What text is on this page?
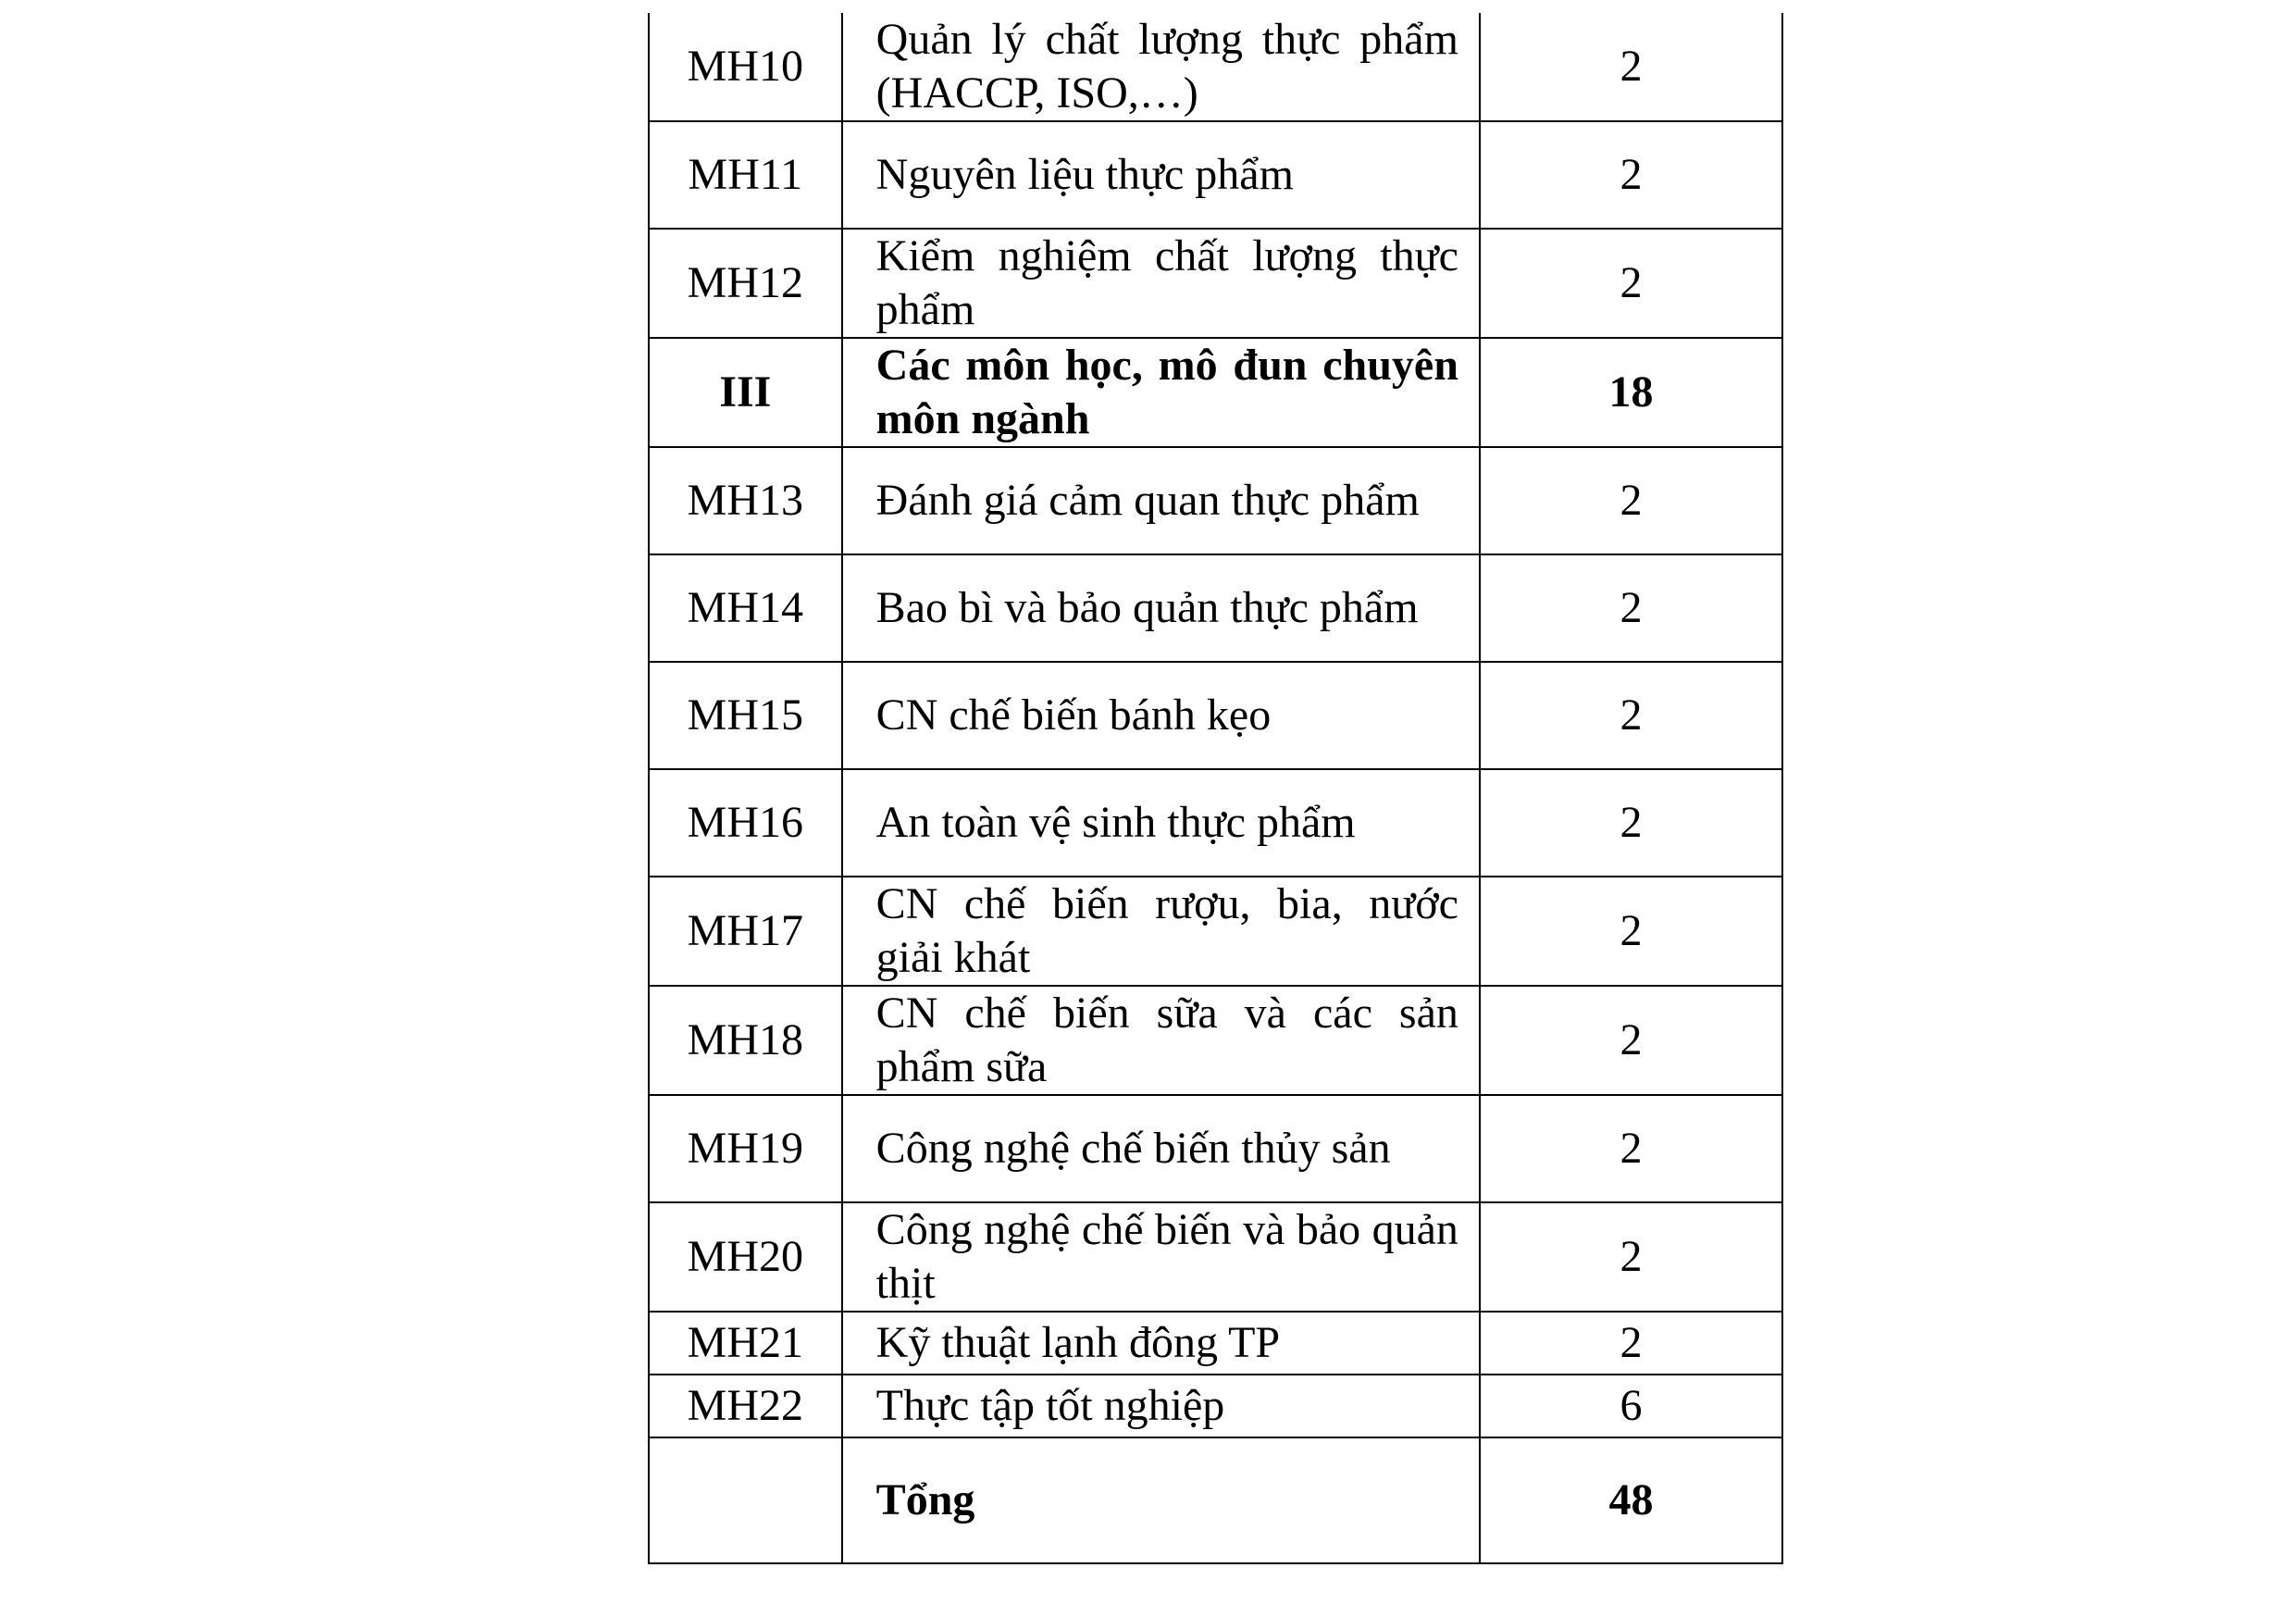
MH10	Quản lý chất lượng thực phẩm (HACCP, ISO,…)	2
MH11	Nguyên liệu thực phẩm	2
MH12	Kiểm nghiệm chất lượng thực phẩm	2
III	Các môn học, mô đun chuyên môn ngành	18
MH13	Đánh giá cảm quan thực phẩm	2
MH14	Bao bì và bảo quản thực phẩm	2
MH15	CN chế biến bánh kẹo	2
MH16	An toàn vệ sinh thực phẩm	2
MH17	CN chế biến rượu, bia, nước giải khát	2
MH18	CN chế biến sữa và các sản phẩm sữa	2
MH19	Công nghệ chế biến thủy sản	2
MH20	Công nghệ chế biến và bảo quản thịt	2
MH21	Kỹ thuật lạnh đông TP	2
MH22	Thực tập tốt nghiệp	6
	Tổng	48
